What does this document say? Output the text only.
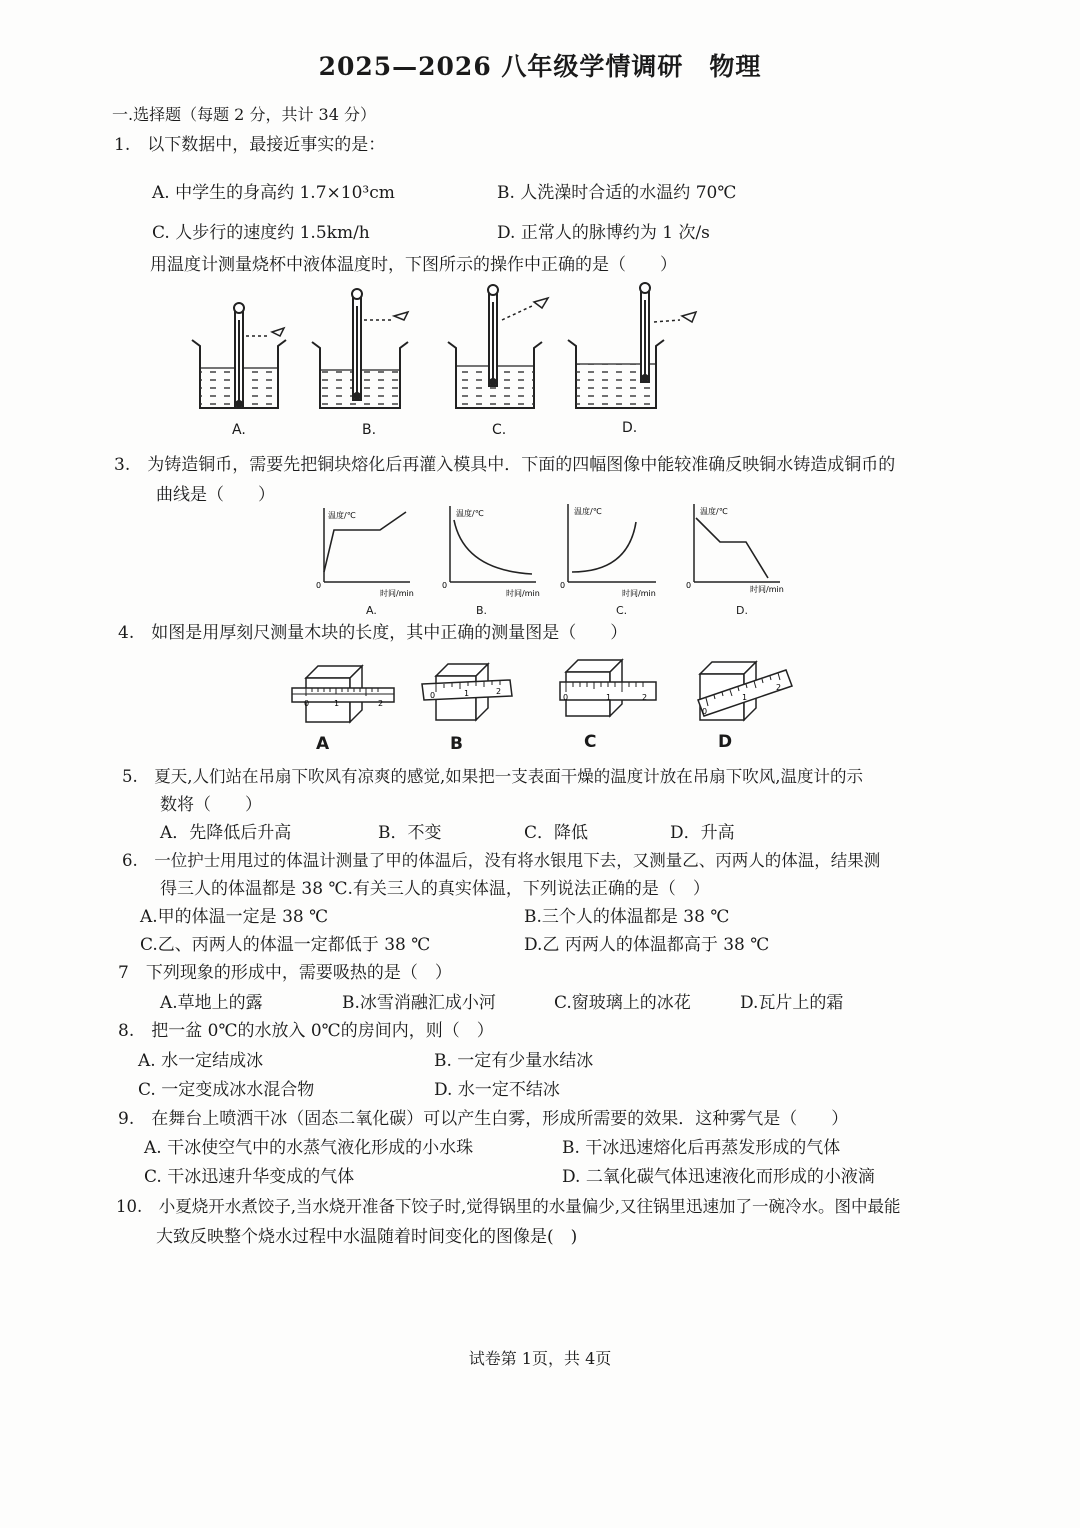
2025—2026 八年级学情调研　物理
一.选择题（每题 2 分，共计 34 分）
1.　以下数据中，最接近事实的是：
A. 中学生的身高约 1.7×10³cm	B. 人洗澡时合适的水温约 70℃
C. 人步行的速度约 1.5km/h	D. 正常人的脉博约为 1 次/s
用温度计测量烧杯中液体温度时，下图所示的操作中正确的是（　　）
A.	B.	C.	D.
3.　为铸造铜币，需要先把铜块熔化后再灌入模具中．下面的四幅图像中能较准确反映铜水铸造成铜币的
曲线是（　　）
温度/℃
时间/min
0
温度/℃
时间/min
0
温度/℃
时间/min
0
温度/℃
时间/min
0
A.	B.	C.	D.
4.　如图是用厚刻尺测量木块的长度，其中正确的测量图是（　　）
0	1	2
0	1	2
0	1	2
0
1
2
A	B	C	D
5.　夏天,人们站在吊扇下吹风有凉爽的感觉,如果把一支表面干燥的温度计放在吊扇下吹风,温度计的示
数将（　　）
A．先降低后升高	B．不变	C．降低	D．升高
6.　一位护士用甩过的体温计测量了甲的体温后，没有将水银甩下去，又测量乙、丙两人的体温，结果测
得三人的体温都是 38 ℃.有关三人的真实体温，下列说法正确的是（　）
A.甲的体温一定是 38 ℃	B.三个人的体温都是 38 ℃
C.乙、丙两人的体温一定都低于 38 ℃	D.乙 丙两人的体温都高于 38 ℃
7　下列现象的形成中，需要吸热的是（　）
A.草地上的露	B.冰雪消融汇成小河	C.窗玻璃上的冰花	D.瓦片上的霜
8.　把一盆 0℃的水放入 0℃的房间内，则（　）
A. 水一定结成冰	B. 一定有少量水结冰
C. 一定变成冰水混合物	D. 水一定不结冰
9.　在舞台上喷洒干冰（固态二氧化碳）可以产生白雾，形成所需要的效果．这种雾气是（　　）
A. 干冰使空气中的水蒸气液化形成的小水珠	B. 干冰迅速熔化后再蒸发形成的气体
C. 干冰迅速升华变成的气体	D. 二氧化碳气体迅速液化而形成的小液滴
10.　小夏烧开水煮饺子,当水烧开准备下饺子时,觉得锅里的水量偏少,又往锅里迅速加了一碗冷水。图中最能
大致反映整个烧水过程中水温随着时间变化的图像是(　)
试卷第 1页，共 4页
